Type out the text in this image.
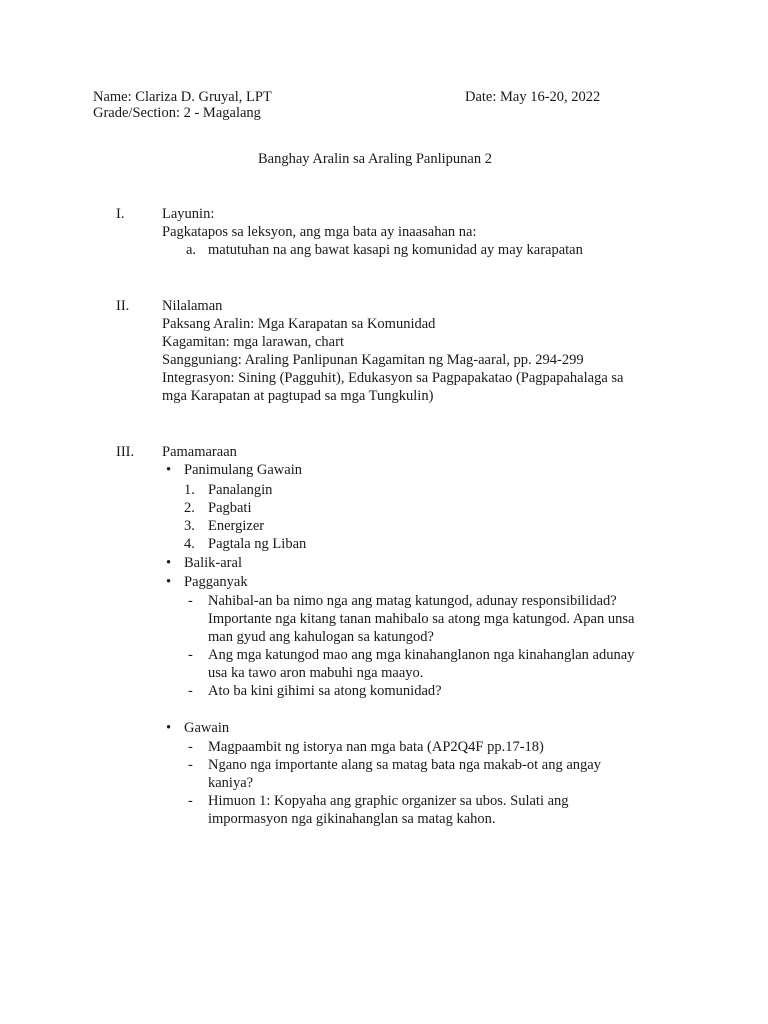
Name: Clariza D. Gruyal, LPT	Date: May 16-20, 2022
Grade/Section: 2 - Magalang
Banghay Aralin sa Araling Panlipunan 2
I.	Layunin:
Pagkatapos sa leksyon, ang mga bata ay inaasahan na:
a. matutuhan na ang bawat kasapi ng komunidad ay may karapatan
II. Nilalaman
Paksang Aralin: Mga Karapatan sa Komunidad
Kagamitan: mga larawan, chart
Sangguniang: Araling Panlipunan Kagamitan ng Mag-aaral, pp. 294-299
Integrasyon: Sining (Pagguhit), Edukasyon sa Pagpapakatao (Pagpapahalaga sa
mga Karapatan at pagtupad sa mga Tungkulin)
III. Pamamaraan
• Panimulang Gawain
1. Panalangin
2. Pagbati
3. Energizer
4. Pagtala ng Liban
• Balik-aral
• Pagganyak
- Nahibal-an ba nimo nga ang matag katungod, adunay responsibilidad?
Importante nga kitang tanan mahibalo sa atong mga katungod. Apan unsa
man gyud ang kahulogan sa katungod?
- Ang mga katungod mao ang mga kinahanglanon nga kinahanglan adunay
usa ka tawo aron mabuhi nga maayo.
- Ato ba kini gihimi sa atong komunidad?
• Gawain
- Magpaambit ng istorya nan mga bata (AP2Q4F pp.17-18)
- Ngano nga importante alang sa matag bata nga makab-ot ang angay
kaniya?
- Himuon 1: Kopyaha ang graphic organizer sa ubos. Sulati ang
impormasyon nga gikinahanglan sa matag kahon.
